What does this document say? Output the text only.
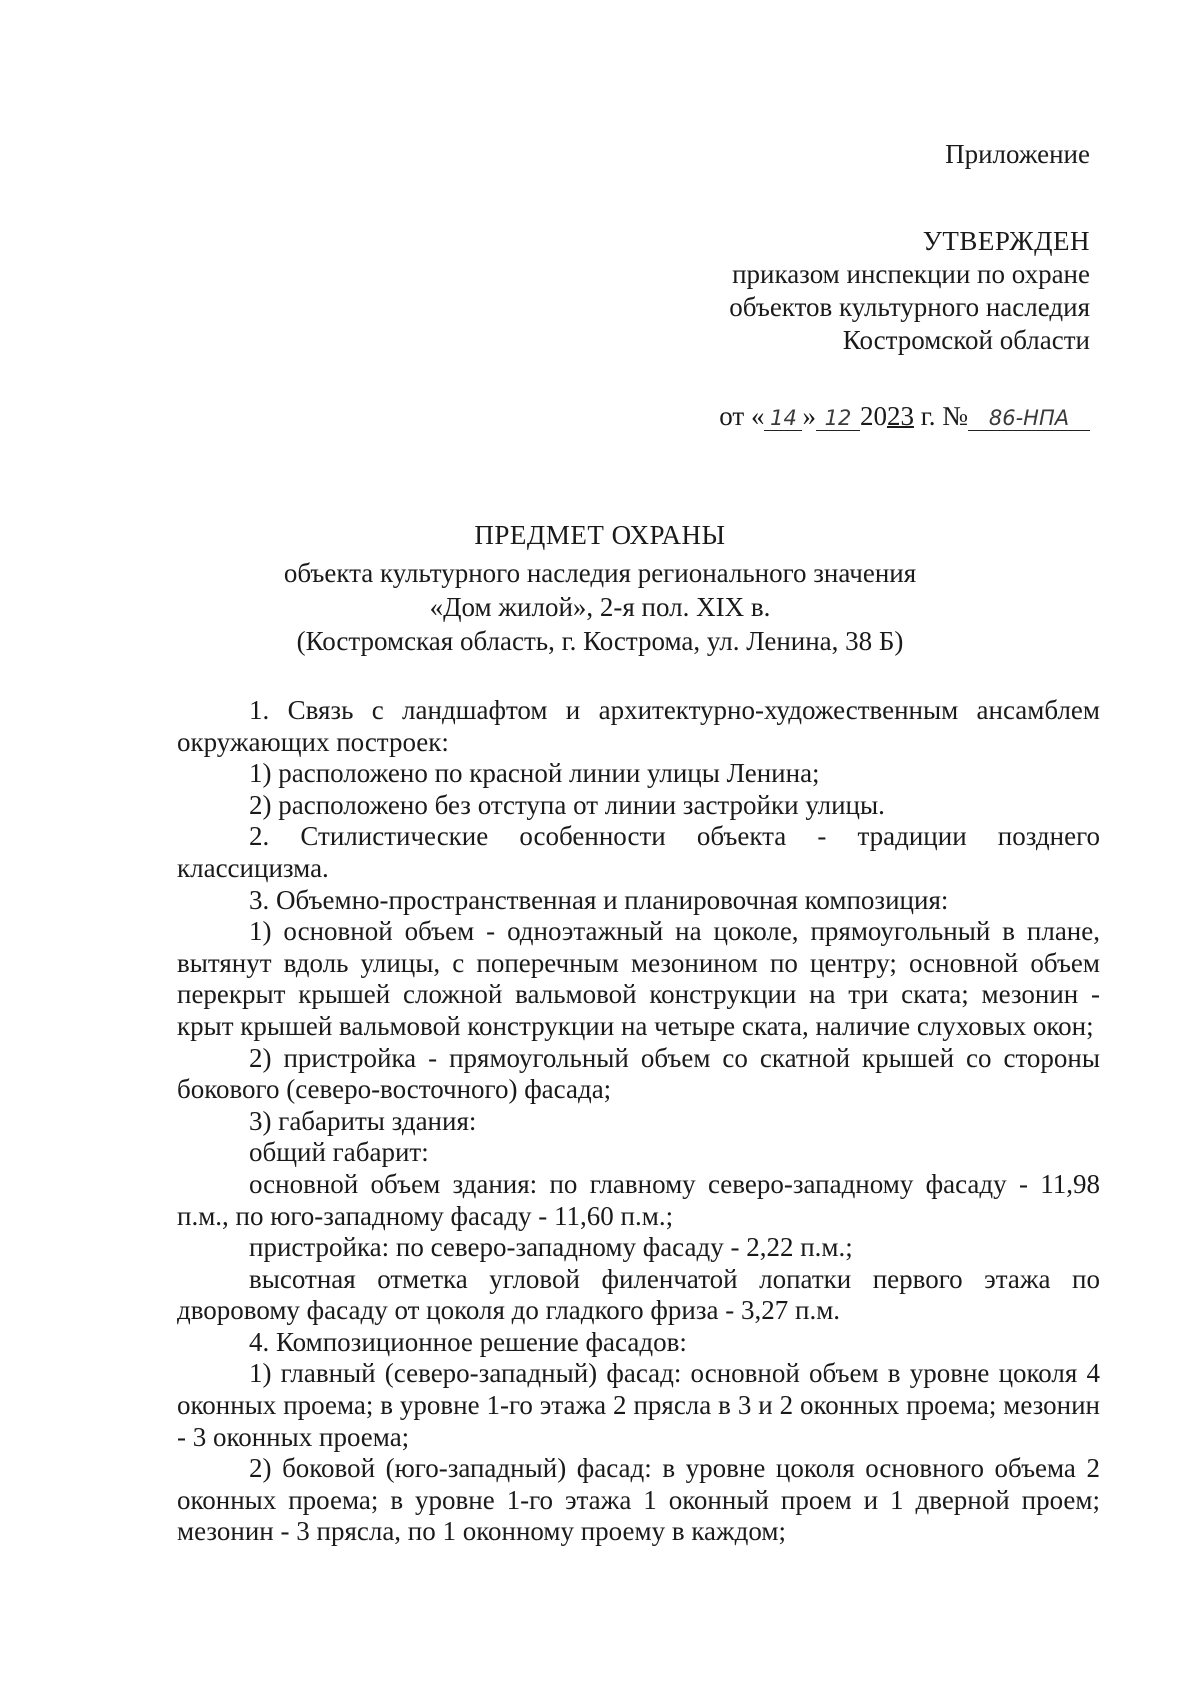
Приложение
УТВЕРЖДЕН
приказом инспекции по охране
объектов культурного наследия
Костромской области
от « 14 » 12 2023 г. № 86-НПА
ПРЕДМЕТ ОХРАНЫ
объекта культурного наследия регионального значения
«Дом жилой», 2-я пол. XIX в.
(Костромская область, г. Кострома, ул. Ленина, 38 Б)

1. Связь с ландшафтом и архитектурно-художественным ансамблем окружающих построек:

1) расположено по красной линии улицы Ленина;

2) расположено без отступа от линии застройки улицы.

2. Стилистические особенности объекта - традиции позднего классицизма.

3. Объемно-пространственная и планировочная композиция:

1) основной объем - одноэтажный на цоколе, прямоугольный в плане, вытянут вдоль улицы, с поперечным мезонином по центру; основной объем перекрыт крышей сложной вальмовой конструкции на три ската; мезонин - крыт крышей вальмовой конструкции на четыре ската, наличие слуховых окон;

2) пристройка - прямоугольный объем со скатной крышей со стороны бокового (северо-восточного) фасада;

3) габариты здания:

общий габарит:

основной объем здания: по главному северо-западному фасаду - 11,98 п.м., по юго-западному фасаду - 11,60 п.м.;

пристройка: по северо-западному фасаду - 2,22 п.м.;

высотная отметка угловой филенчатой лопатки первого этажа по дворовому фасаду от цоколя до гладкого фриза - 3,27 п.м.

4. Композиционное решение фасадов:

1) главный (северо-западный) фасад: основной объем в уровне цоколя 4 оконных проема; в уровне 1-го этажа 2 прясла в 3 и 2 оконных проема; мезонин - 3 оконных проема;

2) боковой (юго-западный) фасад: в уровне цоколя основного объема 2 оконных проема; в уровне 1-го этажа 1 оконный проем и 1 дверной проем; мезонин - 3 прясла, по 1 оконному проему в каждом;
